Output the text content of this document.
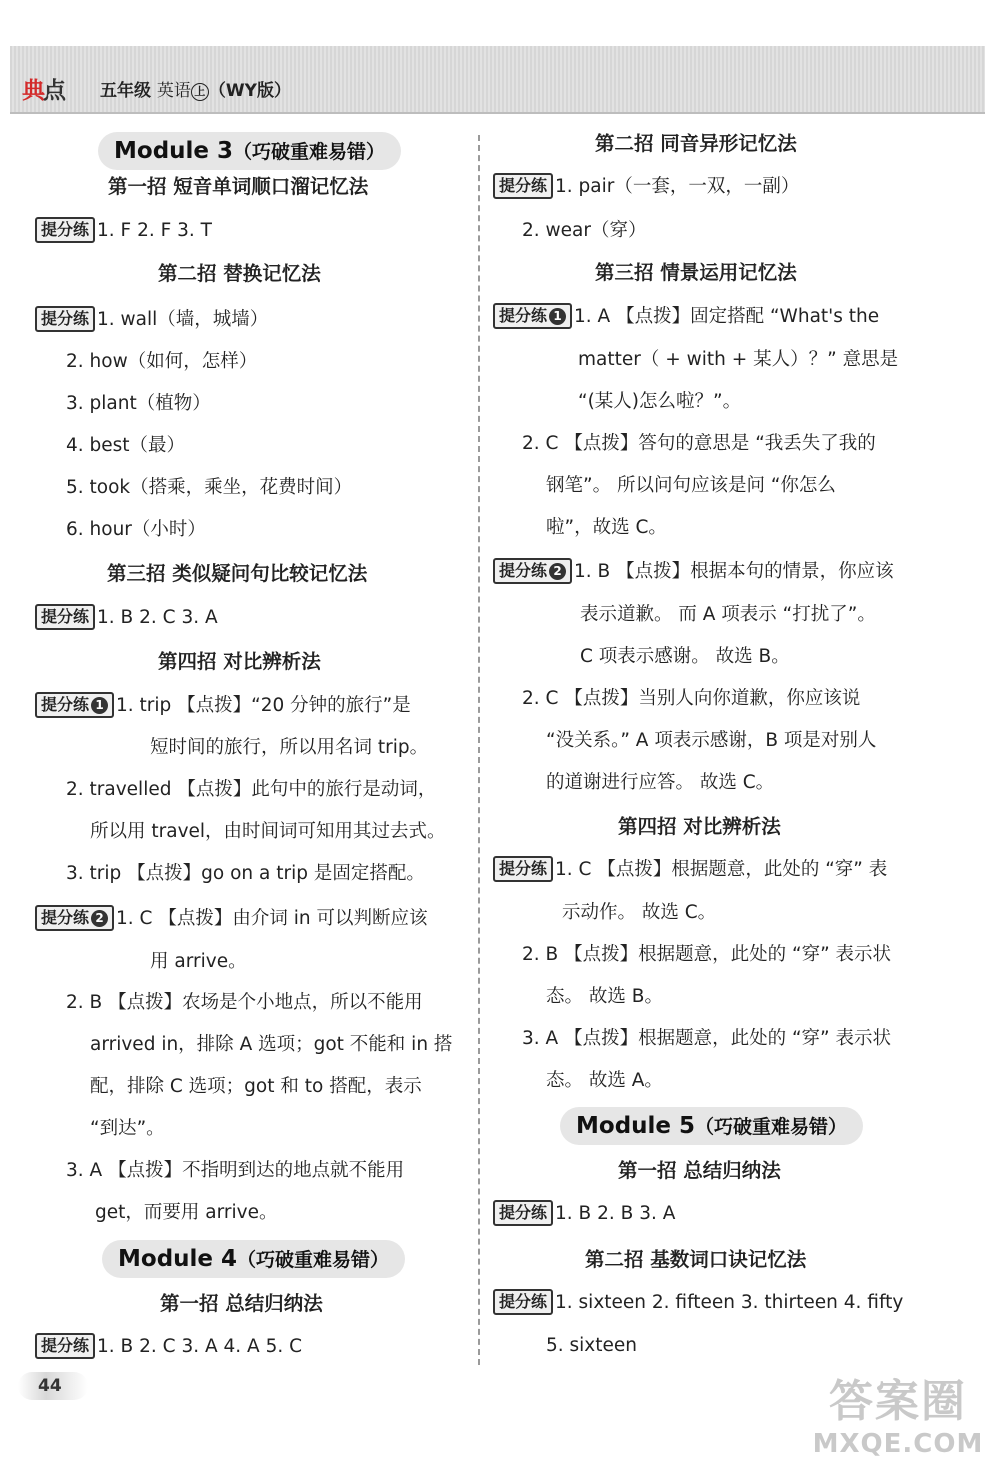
典点 五年级 英语 上 （WY版）
Module 3（巧破重难易错）
第一招 短音单词顺口溜记忆法
提分练 1. F 2. F 3. T
第二招 替换记忆法
提分练 1. wall（墙，城墙）
2. how（如何，怎样）
3. plant（植物）
4. best（最）
5. took（搭乘，乘坐，花费时间）
6. hour（小时）
第三招 类似疑问句比较记忆法
提分练 1. B 2. C 3. A
第四招 对比辨析法
提分练 1 1. trip 【点拨】“20 分钟的旅行”是
短时间的旅行，所以用名词 trip。
2. travelled 【点拨】此句中的旅行是动词，
所以用 travel，由时间词可知用其过去式。
3. trip 【点拨】go on a trip 是固定搭配。
提分练 2 1. C 【点拨】由介词 in 可以判断应该
用 arrive。
2. B 【点拨】农场是个小地点，所以不能用
arrived in，排除 A 选项；got 不能和 in 搭
配，排除 C 选项；got 和 to 搭配，表示
“到达”。
3. A 【点拨】不指明到达的地点就不能用
get，而要用 arrive。
Module 4（巧破重难易错）
第一招 总结归纳法
提分练 1. B 2. C 3. A 4. A 5. C
第二招 同音异形记忆法
提分练 1. pair（一套，一双，一副）
2. wear（穿）
第三招 情景运用记忆法
提分练 1 1. A 【点拨】固定搭配 “What's the
matter（ + with + 某人）？” 意思是
“(某人)怎么啦？”。
2. C 【点拨】答句的意思是 “我丢失了我的
钢笔”。 所以问句应该是问 “你怎么
啦”，故选 C。
提分练 2 1. B 【点拨】根据本句的情景，你应该
表示道歉。 而 A 项表示 “打扰了”。
C 项表示感谢。 故选 B。
2. C 【点拨】当别人向你道歉，你应该说
“没关系。” A 项表示感谢，B 项是对别人
的道谢进行应答。 故选 C。
第四招 对比辨析法
提分练 1. C 【点拨】根据题意，此处的 “穿” 表
示动作。 故选 C。
2. B 【点拨】根据题意，此处的 “穿” 表示状
态。 故选 B。
3. A 【点拨】根据题意，此处的 “穿” 表示状
态。 故选 A。
Module 5（巧破重难易错）
第一招 总结归纳法
提分练 1. B 2. B 3. A
第二招 基数词口诀记忆法
提分练 1. sixteen 2. fifteen 3. thirteen 4. fifty
5. sixteen
44	答案圈
MXQE.COM
